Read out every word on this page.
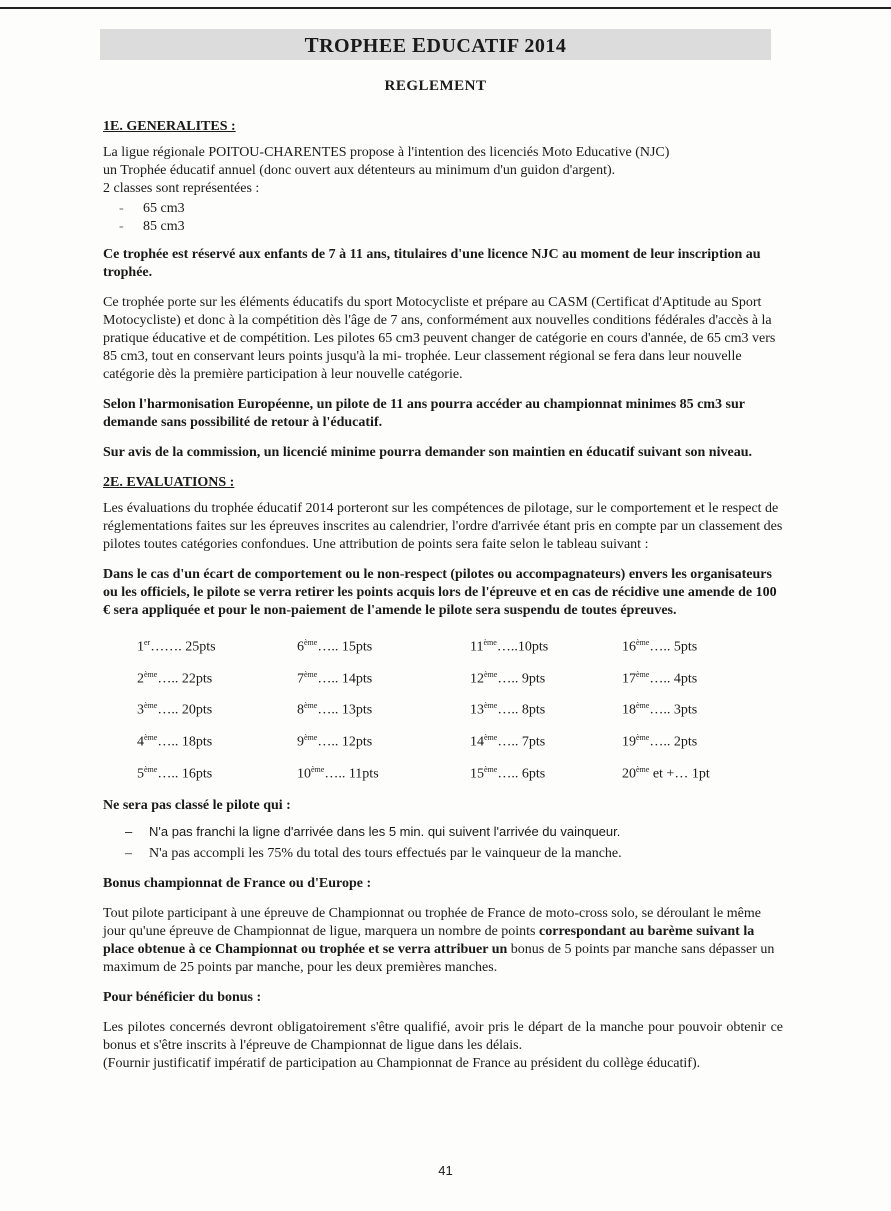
TROPHEE EDUCATIF 2014
REGLEMENT
1E. GENERALITES :

La ligue régionale POITOU-CHARENTES propose à l'intention des licenciés Moto Educative (NJC)

un Trophée éducatif annuel (donc ouvert aux détenteurs au minimum d'un guidon d'argent).

2 classes sont représentées :

- 65 cm3
- 85 cm3

Ce trophée est réservé aux enfants de 7 à 11 ans, titulaires d'une licence NJC au moment de leur inscription au trophée.

Ce trophée porte sur les éléments éducatifs du sport Motocycliste et prépare au CASM (Certificat d'Aptitude au Sport Motocycliste) et donc à la compétition dès l'âge de 7 ans, conformément aux nouvelles conditions fédérales d'accès à la pratique éducative et de compétition. Les pilotes 65 cm3 peuvent changer de catégorie en cours d'année, de 65 cm3 vers 85 cm3, tout en conservant leurs points jusqu'à la mi- trophée. Leur classement régional se fera dans leur nouvelle catégorie dès la première participation à leur nouvelle catégorie.

Selon l'harmonisation Européenne, un pilote de 11 ans pourra accéder au championnat minimes 85 cm3 sur demande sans possibilité de retour à l'éducatif.

Sur avis de la commission, un licencié minime pourra demander son maintien en éducatif suivant son niveau.

2E. EVALUATIONS :

Les évaluations du trophée éducatif 2014 porteront sur les compétences de pilotage, sur le comportement et le respect de réglementations faites sur les épreuves inscrites au calendrier, l'ordre d'arrivée étant pris en compte par un classement des pilotes toutes catégories confondues. Une attribution de points sera faite selon le tableau suivant :

Dans le cas d'un écart de comportement ou le non-respect (pilotes ou accompagnateurs) envers les organisateurs ou les officiels, le pilote se verra retirer les points acquis lors de l'épreuve et en cas de récidive une amende de 100 € sera appliquée et pour le non-paiement de l'amende le pilote sera suspendu de toutes épreuves.

1er……. 25pts	6ème….. 15pts	11ème…..10pts	16ème….. 5pts
2ème….. 22pts	7ème….. 14pts	12ème….. 9pts	17ème….. 4pts
3ème….. 20pts	8ème….. 13pts	13ème….. 8pts	18ème….. 3pts
4ème….. 18pts	9ème….. 12pts	14ème….. 7pts	19ème….. 2pts
5ème….. 16pts	10ème….. 11pts	15ème….. 6pts	20ème et +… 1pt

Ne sera pas classé le pilote qui :

– N'a pas franchi la ligne d'arrivée dans les 5 min. qui suivent l'arrivée du vainqueur.
– N'a pas accompli les 75% du total des tours effectués par le vainqueur de la manche.

Bonus championnat de France ou d'Europe :

Tout pilote participant à une épreuve de Championnat ou trophée de France de moto-cross solo, se déroulant le même jour qu'une épreuve de Championnat de ligue, marquera un nombre de points correspondant au barème suivant la place obtenue à ce Championnat ou trophée et se verra attribuer un bonus de 5 points par manche sans dépasser un maximum de 25 points par manche, pour les deux premières manches.

Pour bénéficier du bonus :

Les pilotes concernés devront obligatoirement s'être qualifié, avoir pris le départ de la manche pour pouvoir obtenir ce bonus et s'être inscrits à l'épreuve de Championnat de ligue dans les délais.

(Fournir justificatif impératif de participation au Championnat de France au président du collège éducatif).

41
